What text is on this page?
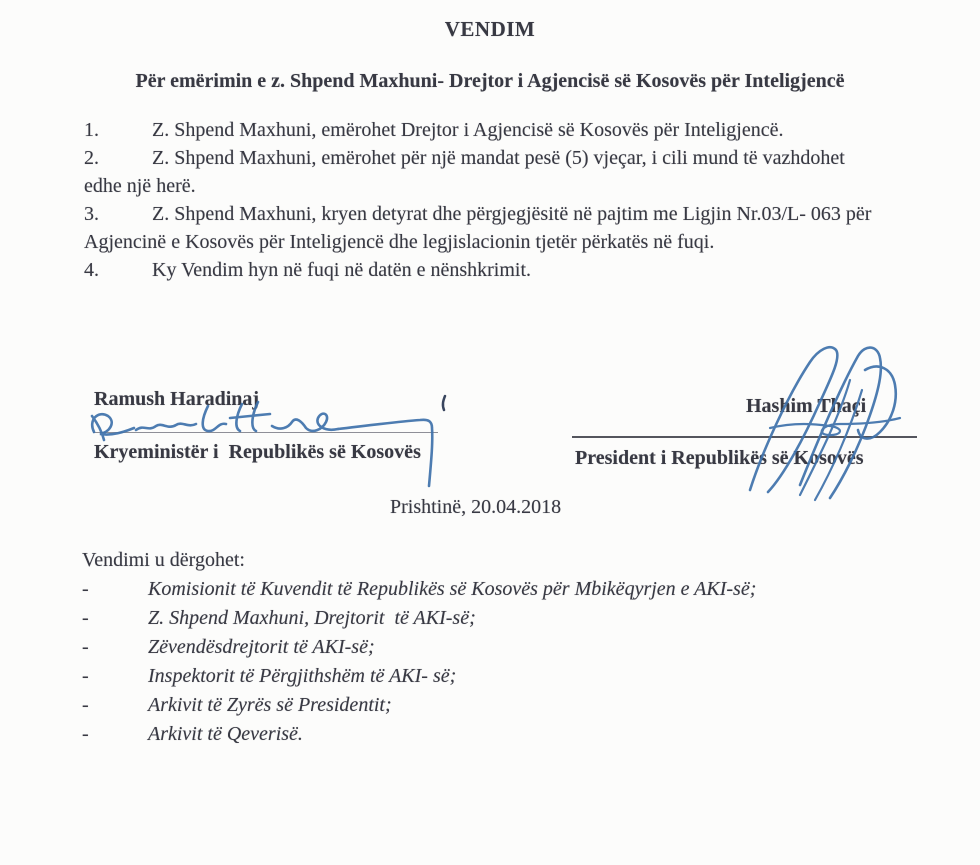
VENDIM
Për emërimin e z. Shpend Maxhuni- Drejtor i Agjencisë së Kosovës për Inteligjencë
1.	Z. Shpend Maxhuni, emërohet Drejtor i Agjencisë së Kosovës për Inteligjencë.
2.	Z. Shpend Maxhuni, emërohet për një mandat pesë (5) vjeçar, i cili mund të vazhdohet
edhe një herë.
3.	Z. Shpend Maxhuni, kryen detyrat dhe përgjegjësitë në pajtim me Ligjin Nr.03/L- 063 për
Agjencinë e Kosovës për Inteligjencë dhe legjislacionin tjetër përkatës në fuqi.
4.	Ky Vendim hyn në fuqi në datën e nënshkrimit.
Ramush Haradinaj
Kryeministër i  Republikës së Kosovës
Hashim Thaçi
President i Republikës së Kosovës
Prishtinë, 20.04.2018
Vendimi u dërgohet:
-	Komisionit të Kuvendit të Republikës së Kosovës për Mbikëqyrjen e AKI-së;
-	Z. Shpend Maxhuni, Drejtorit  të AKI-së;
-	Zëvendësdrejtorit të AKI-së;
-	Inspektorit të Përgjithshëm të AKI- së;
-	Arkivit të Zyrës së Presidentit;
-	Arkivit të Qeverisë.
